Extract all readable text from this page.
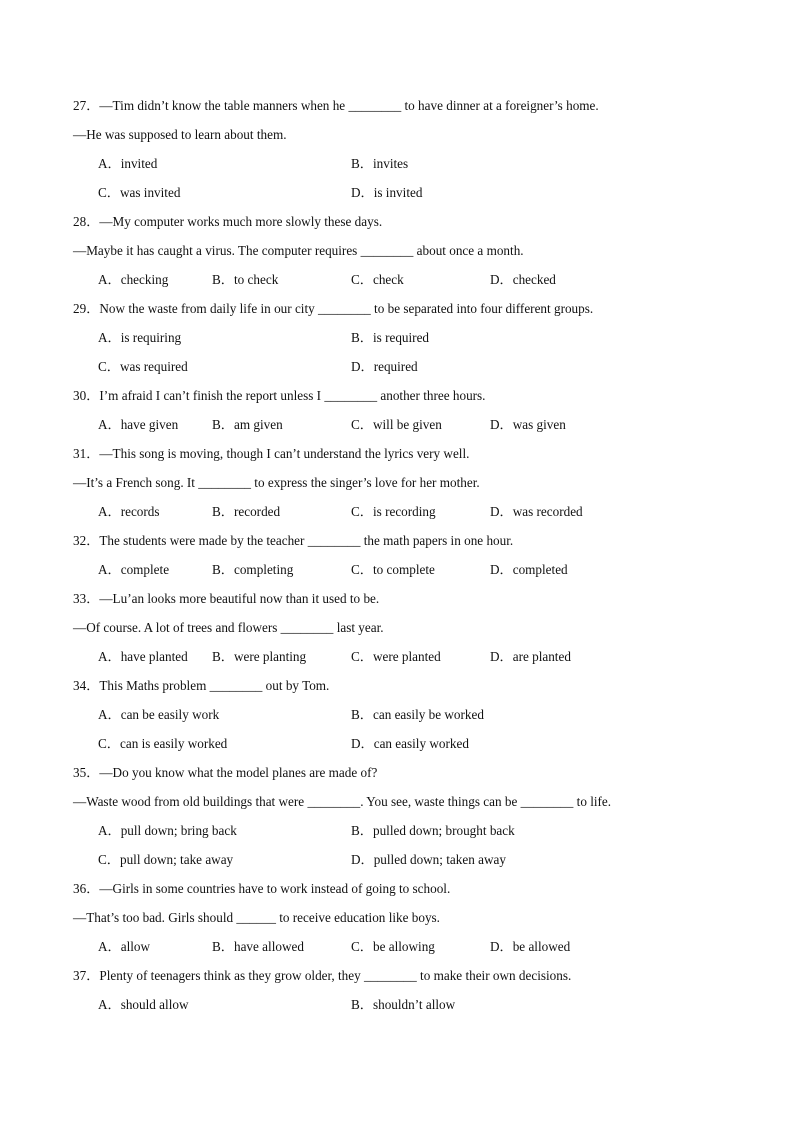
27．—Tim didn’t know the table manners when he ________ to have dinner at a foreigner’s home.
—He was supposed to learn about them.
A．invited	B．invites
C．was invited	D．is invited
28．—My computer works much more slowly these days.
—Maybe it has caught a virus. The computer requires ________ about once a month.
A．checking	B．to check	C．check	D．checked
29．Now the waste from daily life in our city ________ to be separated into four different groups.
A．is requiring	B．is required
C．was required	D．required
30．I’m afraid I can’t finish the report unless I ________ another three hours.
A．have given	B．am given	C．will be given	D．was given
31．—This song is moving, though I can’t understand the lyrics very well.
—It’s a French song. It ________ to express the singer’s love for her mother.
A．records	B．recorded	C．is recording	D．was recorded
32．The students were made by the teacher ________ the math papers in one hour.
A．complete	B．completing	C．to complete	D．completed
33．—Lu’an looks more beautiful now than it used to be.
—Of course. A lot of trees and flowers ________ last year.
A．have planted B．were planting	C．were planted	D．are planted
34．This Maths problem ________ out by Tom.
A．can be easily work	B．can easily be worked
C．can is easily worked	D．can easily worked
35．—Do you know what the model planes are made of?
—Waste wood from old buildings that were ________. You see, waste things can be ________ to life.
A．pull down; bring back	B．pulled down; brought back
C．pull down; take away	D．pulled down; taken away
36．—Girls in some countries have to work instead of going to school.
—That’s too bad. Girls should ______ to receive education like boys.
A．allow	B．have allowed	C．be allowing	D．be allowed
37．Plenty of teenagers think as they grow older, they ________ to make their own decisions.
A．should allow	B．shouldn’t allow
